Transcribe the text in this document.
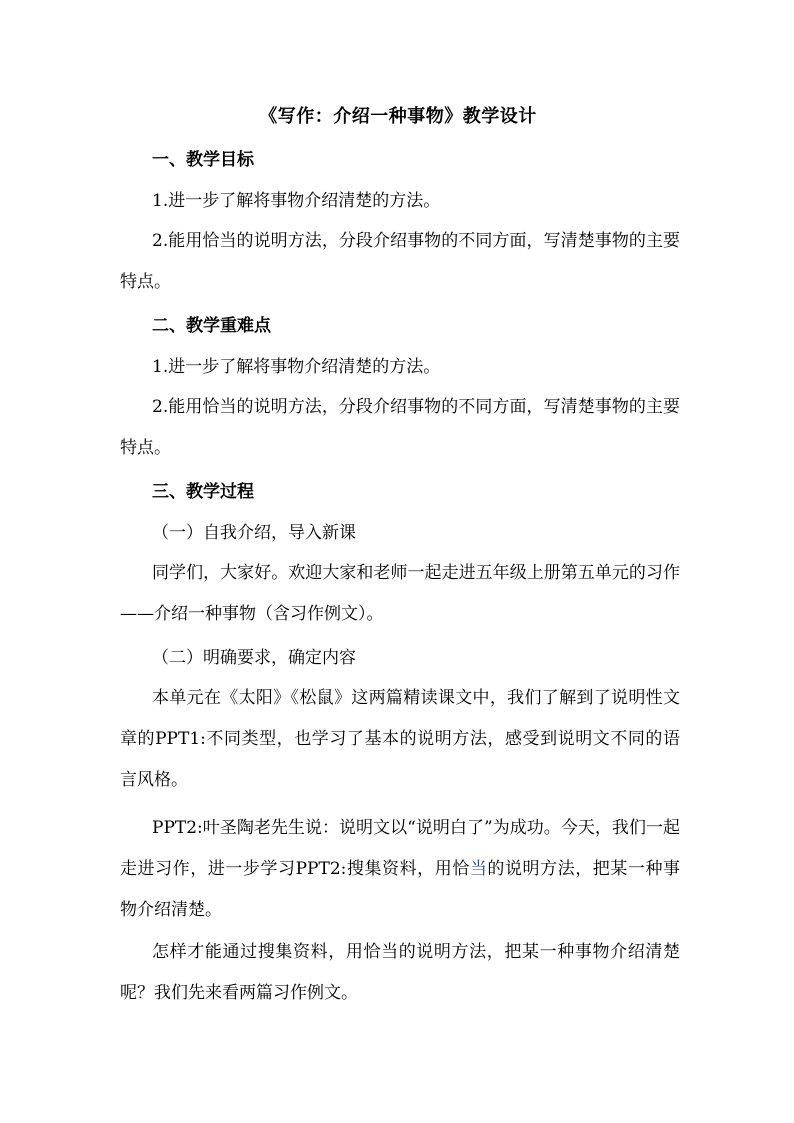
《写作：介绍一种事物》教学设计
一、教学目标
1.进一步了解将事物介绍清楚的方法。
2.能用恰当的说明方法，分段介绍事物的不同方面，写清楚事物的主要特点。
二、教学重难点
1.进一步了解将事物介绍清楚的方法。
2.能用恰当的说明方法，分段介绍事物的不同方面，写清楚事物的主要特点。
三、教学过程
（一）自我介绍，导入新课
同学们，大家好。欢迎大家和老师一起走进五年级上册第五单元的习作——介绍一种事物（含习作例文）。
（二）明确要求，确定内容
本单元在《太阳》《松鼠》这两篇精读课文中，我们了解到了说明性文章的PPT1:不同类型，也学习了基本的说明方法，感受到说明文不同的语言风格。
PPT2:叶圣陶老先生说：说明文以“说明白了”为成功。今天，我们一起走进习作，进一步学习PPT2:搜集资料，用恰当的说明方法，把某一种事物介绍清楚。
怎样才能通过搜集资料，用恰当的说明方法，把某一种事物介绍清楚呢？我们先来看两篇习作例文。
